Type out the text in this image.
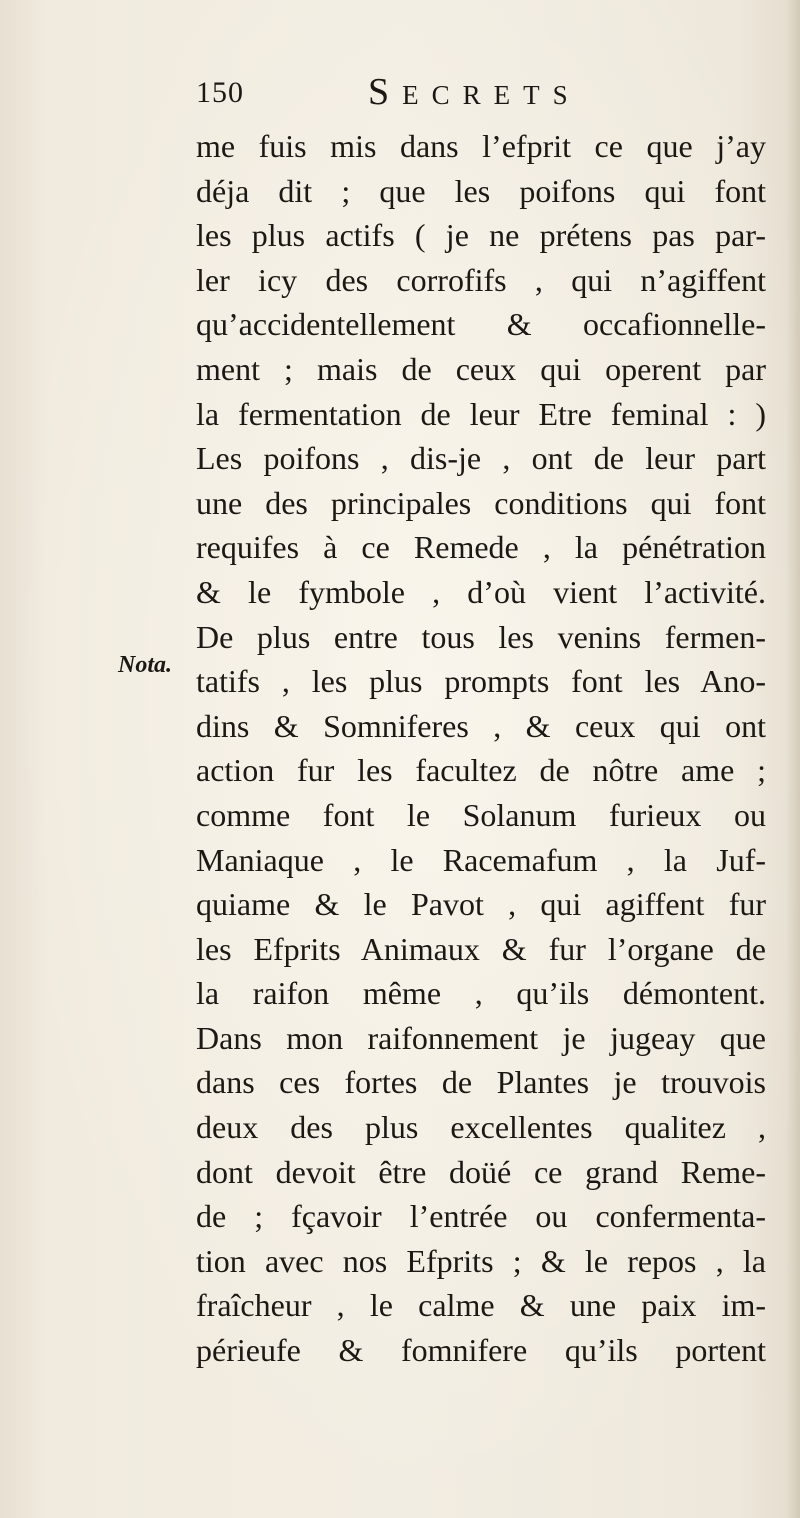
150	Secrets
Nota.
me fuis mis dans l’efprit ce que j’ay
déja dit ; que les poifons qui font
les plus actifs ( je ne prétens pas par-
ler icy des corrofifs , qui n’agiffent
qu’accidentellement & occafionnelle-
ment ; mais de ceux qui operent par
la fermentation de leur Etre feminal : )
Les poifons , dis-je , ont de leur part
une des principales conditions qui font
requifes à ce Remede , la pénétration
& le fymbole , d’où vient l’activité.
De plus entre tous les venins fermen-
tatifs , les plus prompts font les Ano-
dins & Somniferes , & ceux qui ont
action fur les facultez de nôtre ame ;
comme font le Solanum furieux ou
Maniaque , le Racemafum , la Juf-
quiame & le Pavot , qui agiffent fur
les Efprits Animaux & fur l’organe de
la raifon même , qu’ils démontent.
Dans mon raifonnement je jugeay que
dans ces fortes de Plantes je trouvois
deux des plus excellentes qualitez ,
dont devoit être doüé ce grand Reme-
de ; fçavoir l’entrée ou confermenta-
tion avec nos Efprits ; & le repos , la
fraîcheur , le calme & une paix im-
périeufe & fomnifere qu’ils portent
